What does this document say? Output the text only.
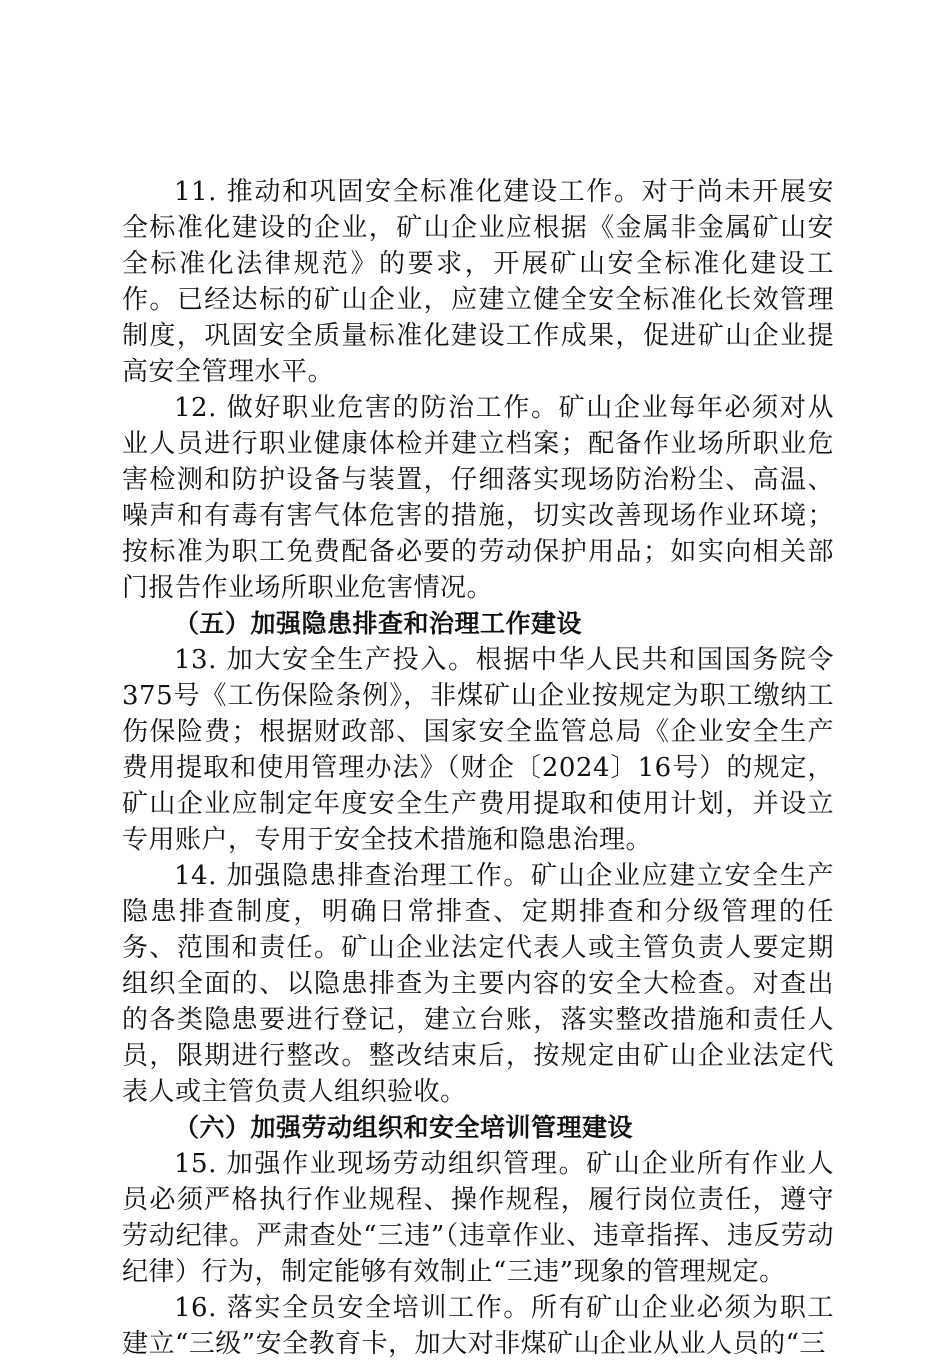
11. 推动和巩固安全标准化建设工作。对于尚未开展安全标准化建设的企业，矿山企业应根据《金属非金属矿山安全标准化法律规范》的要求，开展矿山安全标准化建设工作。已经达标的矿山企业，应建立健全安全标准化长效管理制度，巩固安全质量标准化建设工作成果，促进矿山企业提高安全管理水平。

12. 做好职业危害的防治工作。矿山企业每年必须对从业人员进行职业健康体检并建立档案；配备作业场所职业危害检测和防护设备与装置，仔细落实现场防治粉尘、高温、噪声和有毒有害气体危害的措施，切实改善现场作业环境；按标准为职工免费配备必要的劳动保护用品；如实向相关部门报告作业场所职业危害情况。

（五）加强隐患排查和治理工作建设

13. 加大安全生产投入。根据中华人民共和国国务院令375号《工伤保险条例》，非煤矿山企业按规定为职工缴纳工伤保险费；根据财政部、国家安全监管总局《企业安全生产费用提取和使用管理办法》（财企〔2024〕16号）的规定，矿山企业应制定年度安全生产费用提取和使用计划，并设立专用账户，专用于安全技术措施和隐患治理。

14. 加强隐患排查治理工作。矿山企业应建立安全生产隐患排查制度，明确日常排查、定期排查和分级管理的任务、范围和责任。矿山企业法定代表人或主管负责人要定期组织全面的、以隐患排查为主要内容的安全大检查。对查出的各类隐患要进行登记，建立台账，落实整改措施和责任人员，限期进行整改。整改结束后，按规定由矿山企业法定代表人或主管负责人组织验收。

（六）加强劳动组织和安全培训管理建设

15. 加强作业现场劳动组织管理。矿山企业所有作业人员必须严格执行作业规程、操作规程，履行岗位责任，遵守劳动纪律。严肃查处“三违”（违章作业、违章指挥、违反劳动纪律）行为，制定能够有效制止“三违”现象的管理规定。

16. 落实全员安全培训工作。所有矿山企业必须为职工建立“三级”安全教育卡，加大对非煤矿山企业从业人员的“三
